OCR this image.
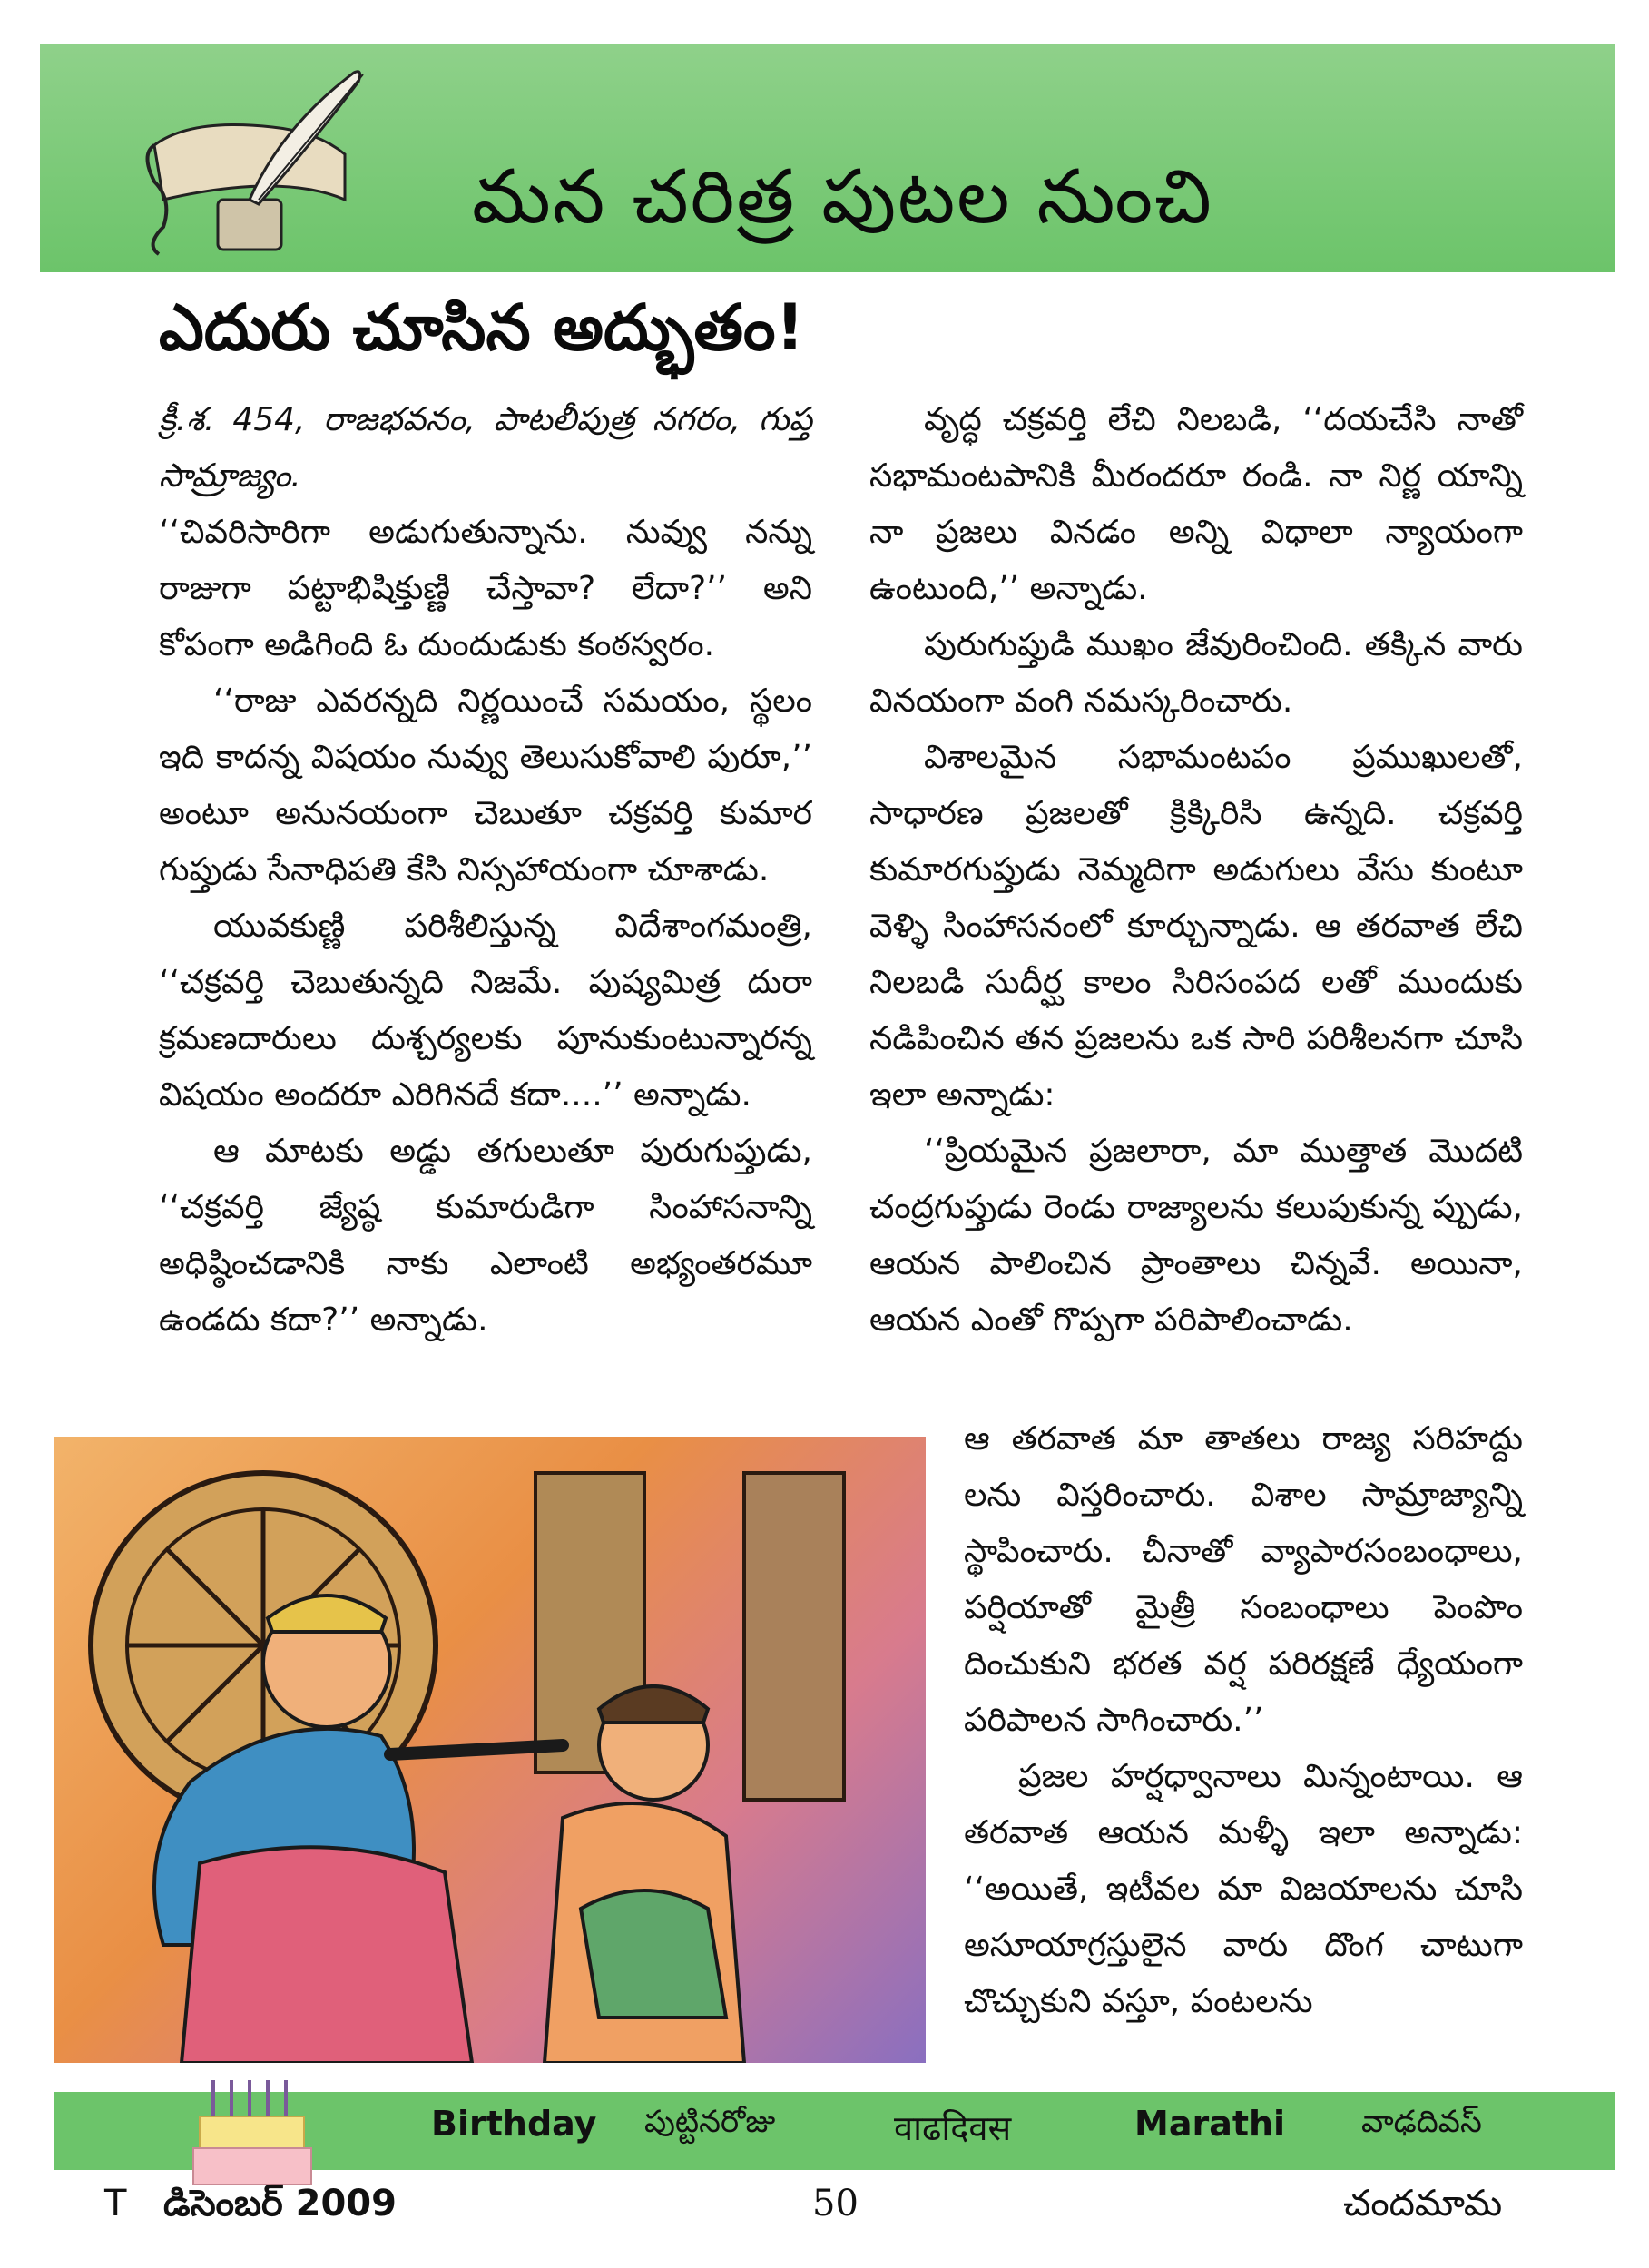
మన చరిత్ర పుటల నుంచి
ఎదురు చూసిన అద్భుతం!

క్రీ.శ. 454, రాజభవనం, పాటలీపుత్ర నగరం, గుప్త సామ్రాజ్యం.

‘‘చివరిసారిగా అడుగుతున్నాను. నువ్వు నన్ను రాజుగా పట్టాభిషిక్తుణ్ణి చేస్తావా? లేదా?’’ అని కోపంగా అడిగింది ఓ దుందుడుకు కంఠస్వరం.

‘‘రాజు ఎవరన్నది నిర్ణయించే సమయం, స్థలం ఇది కాదన్న విషయం నువ్వు తెలుసుకోవాలి పురూ,’’ అంటూ అనునయంగా చెబుతూ చక్రవర్తి కుమార గుప్తుడు సేనాధిపతి కేసి నిస్సహాయంగా చూశాడు.

యువకుణ్ణి పరిశీలిస్తున్న విదేశాంగమంత్రి, ‘‘చక్రవర్తి చెబుతున్నది నిజమే. పుష్యమిత్ర దురా క్రమణదారులు దుశ్చర్యలకు పూనుకుంటున్నారన్న విషయం అందరూ ఎరిగినదే కదా....’’ అన్నాడు.

ఆ మాటకు అడ్డు తగులుతూ పురుగుప్తుడు, ‘‘చక్రవర్తి జ్యేష్ఠ కుమారుడిగా సింహాసనాన్ని అధిష్ఠించడానికి నాకు ఎలాంటి అభ్యంతరమూ ఉండదు కదా?’’ అన్నాడు.

వృద్ధ చక్రవర్తి లేచి నిలబడి, ‘‘దయచేసి నాతో సభామంటపానికి మీరందరూ రండి. నా నిర్ణ యాన్ని నా ప్రజలు వినడం అన్ని విధాలా న్యాయంగా ఉంటుంది,’’ అన్నాడు.

పురుగుప్తుడి ముఖం జేవురించింది. తక్కిన వారు వినయంగా వంగి నమస్కరించారు.

విశాలమైన సభామంటపం ప్రముఖులతో, సాధారణ ప్రజలతో క్రిక్కిరిసి ఉన్నది. చక్రవర్తి కుమారగుప్తుడు నెమ్మదిగా అడుగులు వేసు కుంటూ వెళ్ళి సింహాసనంలో కూర్చున్నాడు. ఆ తరవాత లేచి నిలబడి సుదీర్ఘ కాలం సిరిసంపద లతో ముందుకు నడిపించిన తన ప్రజలను ఒక సారి పరిశీలనగా చూసి ఇలా అన్నాడు:

‘‘ప్రియమైన ప్రజలారా, మా ముత్తాత మొదటి చంద్రగుప్తుడు రెండు రాజ్యాలను కలుపుకున్న ప్పుడు, ఆయన పాలించిన ప్రాంతాలు చిన్నవే. అయినా, ఆయన ఎంతో గొప్పగా పరిపాలించాడు.

ఆ తరవాత మా తాతలు రాజ్య సరిహద్దు లను విస్తరించారు. విశాల సామ్రాజ్యాన్ని స్థాపించారు. చీనాతో వ్యాపారసంబంధాలు, పర్షియాతో మైత్రీ సంబంధాలు పెంపొం దించుకుని భరత వర్ష పరిరక్షణే ధ్యేయంగా పరిపాలన సాగించారు.’’

ప్రజల హర్షధ్వానాలు మిన్నంటాయి. ఆ తరవాత ఆయన మళ్ళీ ఇలా అన్నాడు: ‘‘అయితే, ఇటీవల మా విజయాలను చూసి అసూయాగ్రస్తులైన వారు దొంగ చాటుగా చొచ్చుకుని వస్తూ, పంటలను

Birthday పుట్టినరోజు	वाढदिवस	Marathi వాఢదివస్
T డిసెంబర్ 2009	50	చందమామ
